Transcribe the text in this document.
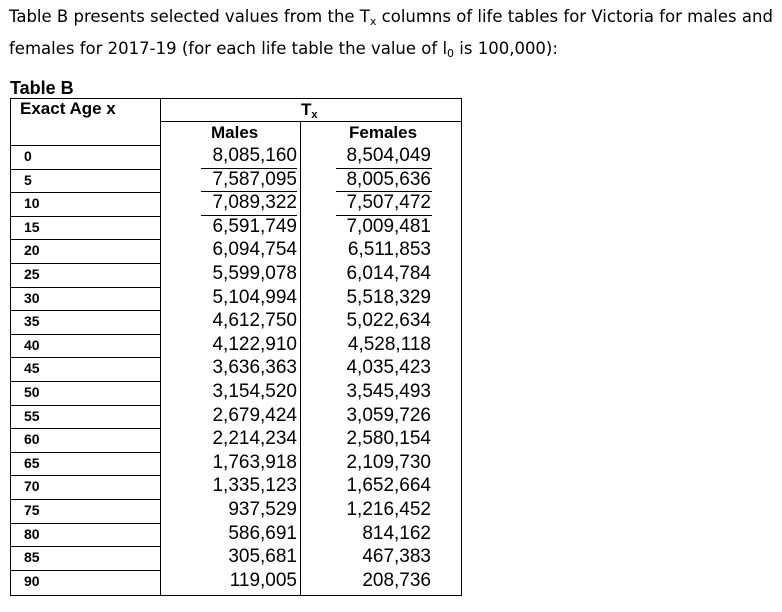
Table B presents selected values from the $T_x$ columns of life tables for Victoria for males and
females for 2017-19 (for each life table the value of $l_0$ is 100,000):

Table B
Exact Age x	Tx
Males	Females
0	8,085,160	8,504,049
5	7,587,095	8,005,636
10	7,089,322	7,507,472
15	6,591,749	7,009,481
20	6,094,754	6,511,853
25	5,599,078	6,014,784
30	5,104,994	5,518,329
35	4,612,750	5,022,634
40	4,122,910	4,528,118
45	3,636,363	4,035,423
50	3,154,520	3,545,493
55	2,679,424	3,059,726
60	2,214,234	2,580,154
65	1,763,918	2,109,730
70	1,335,123	1,652,664
75	937,529	1,216,452
80	586,691	814,162
85	305,681	467,383
90	119,005	208,736
